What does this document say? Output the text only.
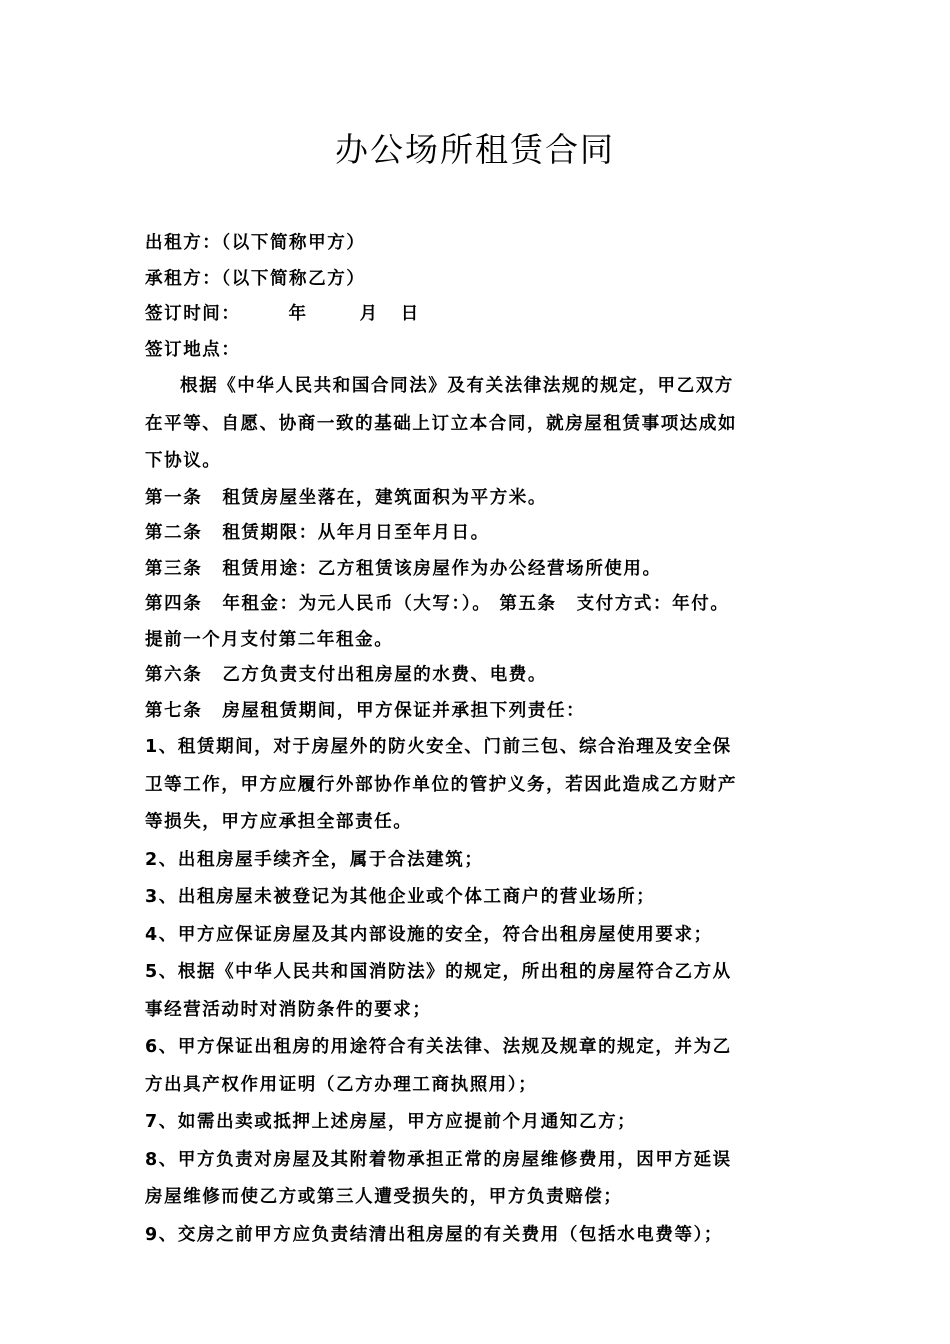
办公场所租赁合同
出租方：（以下简称甲方）
承租方：（以下简称乙方）
签订时间：	年	月 日
签订地点：
根据《中华人民共和国合同法》及有关法律法规的规定，甲乙双方
在平等、自愿、协商一致的基础上订立本合同，就房屋租赁事项达成如
下协议。
第一条 租赁房屋坐落在，建筑面积为平方米。
第二条 租赁期限：从年月日至年月日。
第三条 租赁用途：乙方租赁该房屋作为办公经营场所使用。
第四条 年租金：为元人民币（大写：）。 第五条 支付方式：年付。
提前一个月支付第二年租金。
第六条 乙方负责支付出租房屋的水费、电费。
第七条 房屋租赁期间，甲方保证并承担下列责任：
1、租赁期间，对于房屋外的防火安全、门前三包、综合治理及安全保
卫等工作，甲方应履行外部协作单位的管护义务，若因此造成乙方财产
等损失，甲方应承担全部责任。
2、出租房屋手续齐全，属于合法建筑；
3、出租房屋未被登记为其他企业或个体工商户的营业场所；
4、甲方应保证房屋及其内部设施的安全，符合出租房屋使用要求；
5、根据《中华人民共和国消防法》的规定，所出租的房屋符合乙方从
事经营活动时对消防条件的要求；
6、甲方保证出租房的用途符合有关法律、法规及规章的规定，并为乙
方出具产权作用证明（乙方办理工商执照用）；
7、如需出卖或抵押上述房屋，甲方应提前个月通知乙方；
8、甲方负责对房屋及其附着物承担正常的房屋维修费用，因甲方延误
房屋维修而使乙方或第三人遭受损失的，甲方负责赔偿；
9、交房之前甲方应负责结清出租房屋的有关费用（包括水电费等）；
